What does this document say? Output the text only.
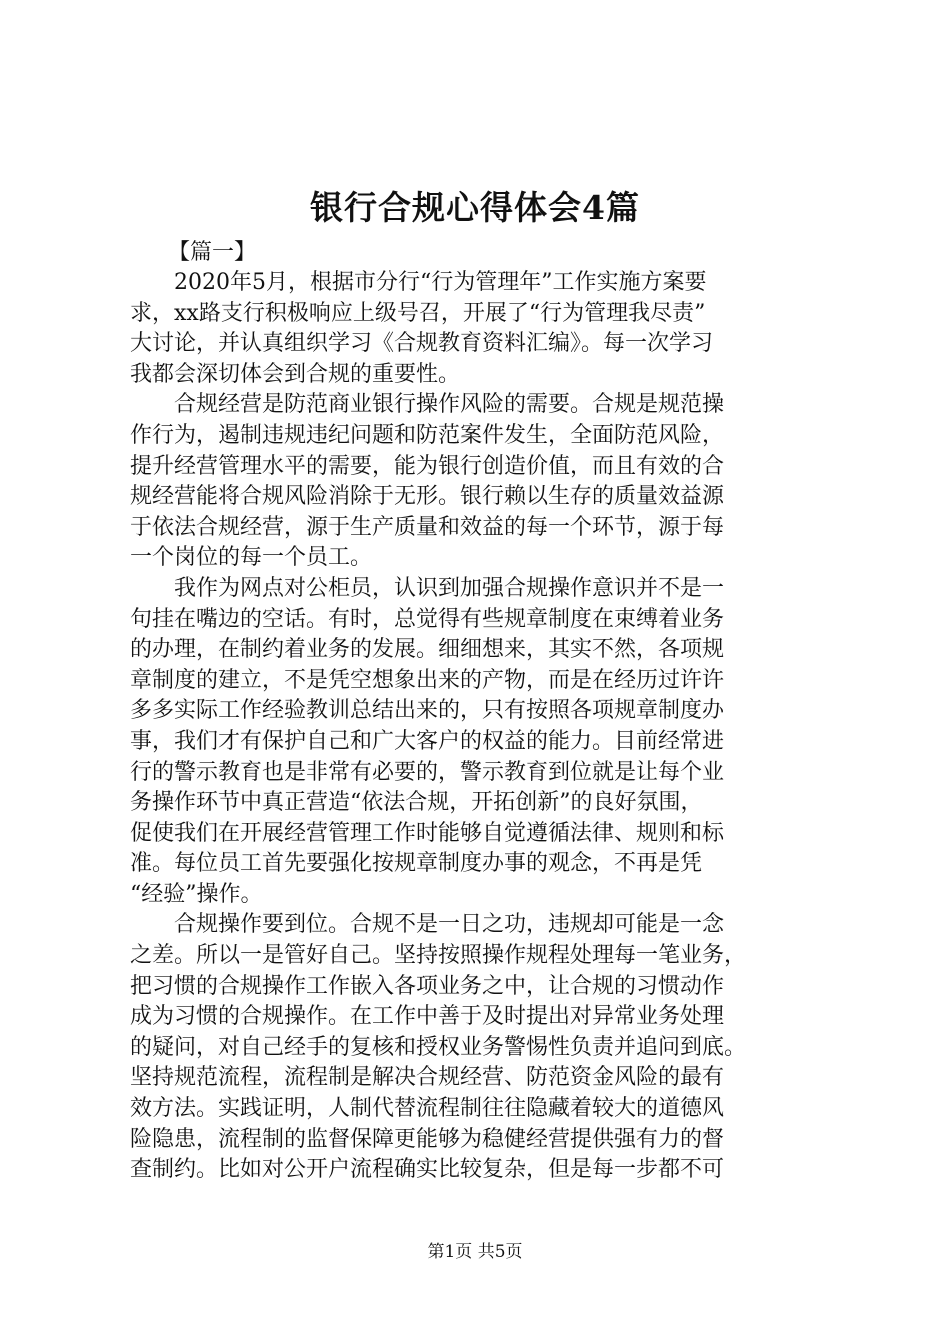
银行合规心得体会4篇
【篇一】
　　2020年5月，根据市分行“行为管理年”工作实施方案要
求，xx路支行积极响应上级号召，开展了“行为管理我尽责”
大讨论，并认真组织学习《合规教育资料汇编》。每一次学习
我都会深切体会到合规的重要性。
　　合规经营是防范商业银行操作风险的需要。合规是规范操
作行为，遏制违规违纪问题和防范案件发生，全面防范风险，
提升经营管理水平的需要，能为银行创造价值，而且有效的合
规经营能将合规风险消除于无形。银行赖以生存的质量效益源
于依法合规经营，源于生产质量和效益的每一个环节，源于每
一个岗位的每一个员工。
　　我作为网点对公柜员，认识到加强合规操作意识并不是一
句挂在嘴边的空话。有时，总觉得有些规章制度在束缚着业务
的办理，在制约着业务的发展。细细想来，其实不然，各项规
章制度的建立，不是凭空想象出来的产物，而是在经历过许许
多多实际工作经验教训总结出来的，只有按照各项规章制度办
事，我们才有保护自己和广大客户的权益的能力。目前经常进
行的警示教育也是非常有必要的，警示教育到位就是让每个业
务操作环节中真正营造“依法合规，开拓创新”的良好氛围，
促使我们在开展经营管理工作时能够自觉遵循法律、规则和标
准。每位员工首先要强化按规章制度办事的观念，不再是凭
“经验”操作。
　　合规操作要到位。合规不是一日之功，违规却可能是一念
之差。所以一是管好自己。坚持按照操作规程处理每一笔业务，
把习惯的合规操作工作嵌入各项业务之中，让合规的习惯动作
成为习惯的合规操作。在工作中善于及时提出对异常业务处理
的疑问，对自己经手的复核和授权业务警惕性负责并追问到底。
坚持规范流程，流程制是解决合规经营、防范资金风险的最有
效方法。实践证明，人制代替流程制往往隐藏着较大的道德风
险隐患，流程制的监督保障更能够为稳健经营提供强有力的督
查制约。比如对公开户流程确实比较复杂，但是每一步都不可
第1页 共5页
